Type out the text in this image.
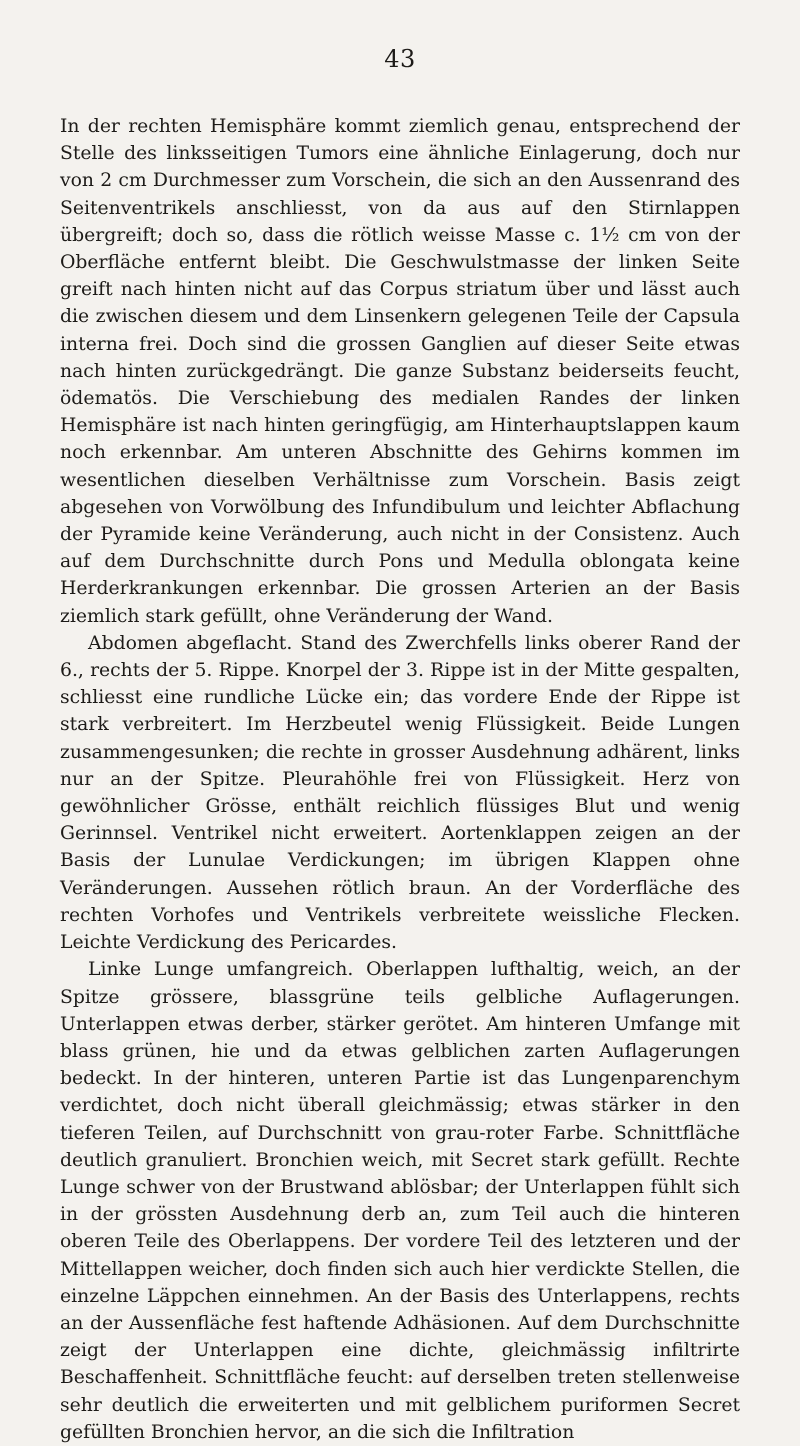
43

In der rechten Hemisphäre kommt ziemlich genau, entsprechend der Stelle des linksseitigen Tumors eine ähnliche Einlagerung, doch nur von 2 cm Durchmesser zum Vorschein, die sich an den Aussenrand des Seitenventrikels anschliesst, von da aus auf den Stirnlappen übergreift; doch so, dass die rötlich weisse Masse c. 1½ cm von der Oberfläche entfernt bleibt. Die Geschwulstmasse der linken Seite greift nach hinten nicht auf das Corpus striatum über und lässt auch die zwischen diesem und dem Linsenkern gelegenen Teile der Capsula interna frei. Doch sind die grossen Ganglien auf dieser Seite etwas nach hinten zurückgedrängt. Die ganze Substanz beiderseits feucht, ödematös. Die Verschiebung des medialen Randes der linken Hemisphäre ist nach hinten geringfügig, am Hinterhauptslappen kaum noch erkennbar. Am unteren Abschnitte des Gehirns kommen im wesentlichen dieselben Verhältnisse zum Vorschein. Basis zeigt abgesehen von Vorwölbung des Infundibulum und leichter Abflachung der Pyramide keine Veränderung, auch nicht in der Consistenz. Auch auf dem Durchschnitte durch Pons und Medulla oblongata keine Herderkrankungen erkennbar. Die grossen Arterien an der Basis ziemlich stark gefüllt, ohne Veränderung der Wand.

Abdomen abgeflacht. Stand des Zwerchfells links oberer Rand der 6., rechts der 5. Rippe. Knorpel der 3. Rippe ist in der Mitte gespalten, schliesst eine rundliche Lücke ein; das vordere Ende der Rippe ist stark verbreitert. Im Herzbeutel wenig Flüssigkeit. Beide Lungen zusammengesunken; die rechte in grosser Ausdehnung adhärent, links nur an der Spitze. Pleurahöhle frei von Flüssigkeit. Herz von gewöhnlicher Grösse, enthält reichlich flüssiges Blut und wenig Gerinnsel. Ventrikel nicht erweitert. Aortenklappen zeigen an der Basis der Lunulae Verdickungen; im übrigen Klappen ohne Veränderungen. Aussehen rötlich braun. An der Vorderfläche des rechten Vorhofes und Ventrikels verbreitete weissliche Flecken. Leichte Verdickung des Pericardes.

Linke Lunge umfangreich. Oberlappen lufthaltig, weich, an der Spitze grössere, blassgrüne teils gelbliche Auflagerungen. Unterlappen etwas derber, stärker gerötet. Am hinteren Umfange mit blass grünen, hie und da etwas gelblichen zarten Auflagerungen bedeckt. In der hinteren, unteren Partie ist das Lungenparenchym verdichtet, doch nicht überall gleichmässig; etwas stärker in den tieferen Teilen, auf Durchschnitt von grau-roter Farbe. Schnittfläche deutlich granuliert. Bronchien weich, mit Secret stark gefüllt. Rechte Lunge schwer von der Brustwand ablösbar; der Unterlappen fühlt sich in der grössten Ausdehnung derb an, zum Teil auch die hinteren oberen Teile des Oberlappens. Der vordere Teil des letzteren und der Mittellappen weicher, doch finden sich auch hier verdickte Stellen, die einzelne Läppchen einnehmen. An der Basis des Unterlappens, rechts an der Aussenfläche fest haftende Adhäsionen. Auf dem Durchschnitte zeigt der Unterlappen eine dichte, gleichmässig infiltrirte Beschaffenheit. Schnittfläche feucht: auf derselben treten stellenweise sehr deutlich die erweiterten und mit gelblichem puriformen Secret gefüllten Bronchien hervor, an die sich die Infiltration
